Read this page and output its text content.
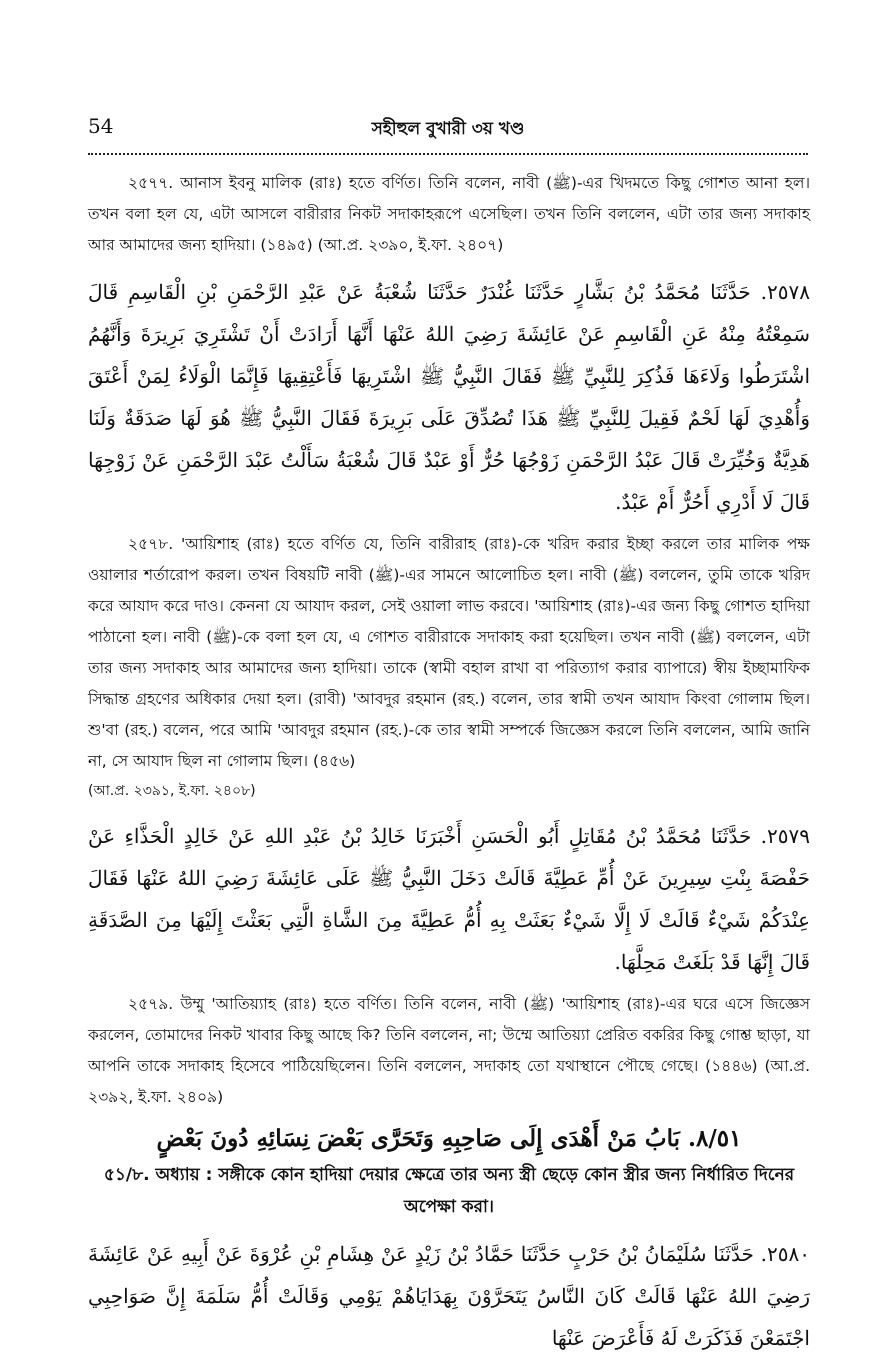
54	সহীহুল বুখারী ৩য় খণ্ড

২৫৭৭. আনাস ইবনু মালিক (রাঃ) হতে বর্ণিত। তিনি বলেন, নাবী (ﷺ)-এর খিদমতে কিছু গোশত আনা হল। তখন বলা হল যে, এটা আসলে বারীরার নিকট সদাকাহরূপে এসেছিল। তখন তিনি বললেন, এটা তার জন্য সদাকাহ আর আমাদের জন্য হাদিয়া। (১৪৯৫) (আ.প্র. ২৩৯০, ই.ফা. ২৪০৭)

٢٥٧٨. حَدَّثَنَا مُحَمَّدُ بْنُ بَشَّارٍ حَدَّثَنَا غُنْدَرٌ حَدَّثَنَا شُعْبَةُ عَنْ عَبْدِ الرَّحْمَنِ بْنِ الْقَاسِمِ قَالَ سَمِعْتُهُ مِنْهُ عَنِ الْقَاسِمِ عَنْ عَائِشَةَ رَضِيَ اللهُ عَنْهَا أَنَّهَا أَرَادَتْ أَنْ تَشْتَرِيَ بَرِيرَةَ وَأَنَّهُمُ اشْتَرَطُوا وَلَاءَهَا فَذُكِرَ لِلنَّبِيِّ ﷺ فَقَالَ النَّبِيُّ ﷺ اشْتَرِيهَا فَأَعْتِقِيهَا فَإِنَّمَا الْوَلَاءُ لِمَنْ أَعْتَقَ وَأُهْدِيَ لَهَا لَحْمٌ فَقِيلَ لِلنَّبِيِّ ﷺ هَذَا تُصُدِّقَ عَلَى بَرِيرَةَ فَقَالَ النَّبِيُّ ﷺ هُوَ لَهَا صَدَقَةٌ وَلَنَا هَدِيَّةٌ وَخُيِّرَتْ قَالَ عَبْدُ الرَّحْمَنِ زَوْجُهَا حُرٌّ أَوْ عَبْدٌ قَالَ شُعْبَةُ سَأَلْتُ عَبْدَ الرَّحْمَنِ عَنْ زَوْجِهَا قَالَ لَا أَدْرِي أَحُرٌّ أَمْ عَبْدٌ.

২৫৭৮. 'আয়িশাহ (রাঃ) হতে বর্ণিত যে, তিনি বারীরাহ (রাঃ)-কে খরিদ করার ইচ্ছা করলে তার মালিক পক্ষ ওয়ালার শর্তারোপ করল। তখন বিষয়টি নাবী (ﷺ)-এর সামনে আলোচিত হল। নাবী (ﷺ) বললেন, তুমি তাকে খরিদ করে আযাদ করে দাও। কেননা যে আযাদ করল, সেই ওয়ালা লাভ করবে। 'আয়িশাহ (রাঃ)-এর জন্য কিছু গোশত হাদিয়া পাঠানো হল। নাবী (ﷺ)-কে বলা হল যে, এ গোশত বারীরাকে সদাকাহ করা হয়েছিল। তখন নাবী (ﷺ) বললেন, এটা তার জন্য সদাকাহ আর আমাদের জন্য হাদিয়া। তাকে (স্বামী বহাল রাখা বা পরিত্যাগ করার ব্যাপারে) স্বীয় ইচ্ছামাফিক সিদ্ধান্ত গ্রহণের অধিকার দেয়া হল। (রাবী) 'আবদুর রহমান (রহ.) বলেন, তার স্বামী তখন আযাদ কিংবা গোলাম ছিল। শু'বা (রহ.) বলেন, পরে আমি 'আবদুর রহমান (রহ.)-কে তার স্বামী সম্পর্কে জিজ্ঞেস করলে তিনি বললেন, আমি জানি না, সে আযাদ ছিল না গোলাম ছিল। (৪৫৬)

(আ.প্র. ২৩৯১, ই.ফা. ২৪০৮)

٢٥٧٩. حَدَّثَنَا مُحَمَّدُ بْنُ مُقَاتِلٍ أَبُو الْحَسَنِ أَخْبَرَنَا خَالِدُ بْنُ عَبْدِ اللهِ عَنْ خَالِدٍ الْحَذَّاءِ عَنْ حَفْصَةَ بِنْتِ سِيرِينَ عَنْ أُمِّ عَطِيَّةَ قَالَتْ دَخَلَ النَّبِيُّ ﷺ عَلَى عَائِشَةَ رَضِيَ اللهُ عَنْهَا فَقَالَ عِنْدَكُمْ شَيْءٌ قَالَتْ لَا إِلَّا شَيْءٌ بَعَثَتْ بِهِ أُمُّ عَطِيَّةَ مِنَ الشَّاةِ الَّتِي بَعَثْتَ إِلَيْهَا مِنَ الصَّدَقَةِ قَالَ إِنَّهَا قَدْ بَلَغَتْ مَحِلَّهَا.

২৫৭৯. উম্মু 'আতিয়্যাহ (রাঃ) হতে বর্ণিত। তিনি বলেন, নাবী (ﷺ) 'আয়িশাহ (রাঃ)-এর ঘরে এসে জিজ্ঞেস করলেন, তোমাদের নিকট খাবার কিছু আছে কি? তিনি বললেন, না; উম্মে আতিয়্যা প্রেরিত বকরির কিছু গোশ্ত ছাড়া, যা আপনি তাকে সদাকাহ হিসেবে পাঠিয়েছিলেন। তিনি বললেন, সদাকাহ তো যথাস্থানে পৌছে গেছে। (১৪৪৬) (আ.প্র. ২৩৯২, ই.ফা. ২৪০৯)

٨/٥١. بَابُ مَنْ أَهْدَى إِلَى صَاحِبِهِ وَتَحَرَّى بَعْضَ نِسَائِهِ دُونَ بَعْضٍ

৫১/৮. অধ্যায় : সঙ্গীকে কোন হাদিয়া দেয়ার ক্ষেত্রে তার অন্য স্ত্রী ছেড়ে কোন স্ত্রীর জন্য নির্ধারিত দিনের অপেক্ষা করা।

٢٥٨٠. حَدَّثَنَا سُلَيْمَانُ بْنُ حَرْبٍ حَدَّثَنَا حَمَّادُ بْنُ زَيْدٍ عَنْ هِشَامِ بْنِ عُرْوَةَ عَنْ أَبِيهِ عَنْ عَائِشَةَ رَضِيَ اللهُ عَنْهَا قَالَتْ كَانَ النَّاسُ يَتَحَرَّوْنَ بِهَدَايَاهُمْ يَوْمِي وَقَالَتْ أُمُّ سَلَمَةَ إِنَّ صَوَاحِبِي اجْتَمَعْنَ فَذَكَرَتْ لَهُ فَأَعْرَضَ عَنْهَا
